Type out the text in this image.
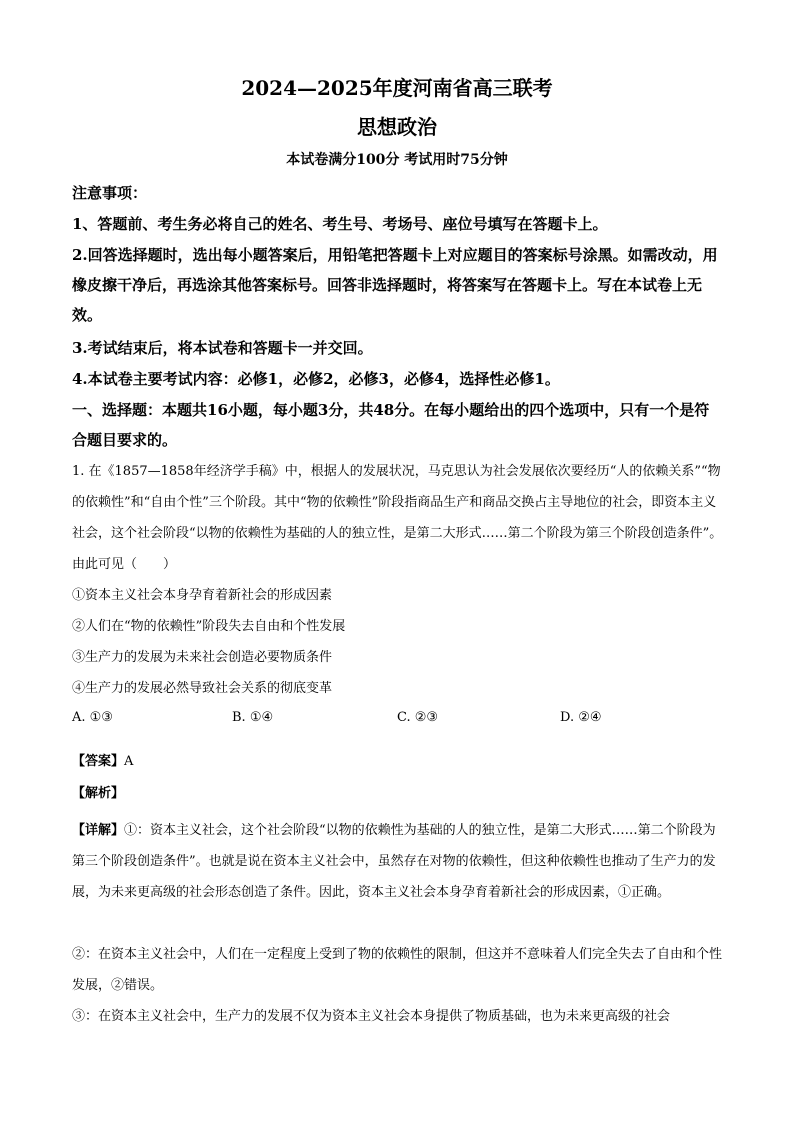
2024—2025年度河南省高三联考
思想政治
本试卷满分100分 考试用时75分钟

注意事项：

1、答题前、考生务必将自己的姓名、考生号、考场号、座位号填写在答题卡上。

2.回答选择题时，选出每小题答案后，用铅笔把答题卡上对应题目的答案标号涂黑。如需改动，用橡皮擦干净后，再选涂其他答案标号。回答非选择题时，将答案写在答题卡上。写在本试卷上无效。

3.考试结束后，将本试卷和答题卡一并交回。

4.本试卷主要考试内容：必修1，必修2，必修3，必修4，选择性必修1。

一、选择题：本题共16小题，每小题3分，共48分。在每小题给出的四个选项中，只有一个是符合题目要求的。

1. 在《1857—1858年经济学手稿》中，根据人的发展状况，马克思认为社会发展依次要经历“人的依赖关系”“物的依赖性”和“自由个性”三个阶段。其中“物的依赖性”阶段指商品生产和商品交换占主导地位的社会，即资本主义社会，这个社会阶段“以物的依赖性为基础的人的独立性，是第二大形式……第二个阶段为第三个阶段创造条件”。由此可见（　　）

①资本主义社会本身孕育着新社会的形成因素
②人们在“物的依赖性”阶段失去自由和个性发展
③生产力的发展为未来社会创造必要物质条件
④生产力的发展必然导致社会关系的彻底变革
A. ①③	B. ①④	C. ②③	D. ②④
【答案】A
【解析】

【详解】①：资本主义社会，这个社会阶段“以物的依赖性为基础的人的独立性，是第二大形式……第二个阶段为第三个阶段创造条件”。也就是说在资本主义社会中，虽然存在对物的依赖性，但这种依赖性也推动了生产力的发展，为未来更高级的社会形态创造了条件。因此，资本主义社会本身孕育着新社会的形成因素，①正确。

②：在资本主义社会中，人们在一定程度上受到了物的依赖性的限制，但这并不意味着人们完全失去了自由和个性发展，②错误。

③：在资本主义社会中，生产力的发展不仅为资本主义社会本身提供了物质基础，也为未来更高级的社会
